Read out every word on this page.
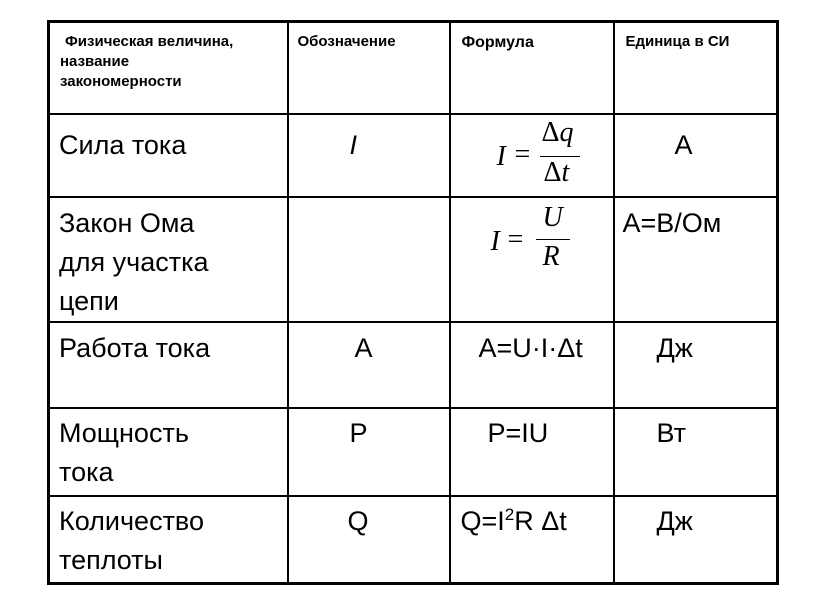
Физическая величина,
название
закономерности	Обозначение	Формула	Единица в СИ

Сила тока	I	I =
Δq
Δt	А

Закон Ома
для участка
цепи		I =
U
R	А=В/Ом

Работа тока	А	А=U·I·Δt	Дж

Мощность
тока	Р	Р=IU	Вт

Количество
теплоты	Q	$Q=I^2R$ Δt	Дж
